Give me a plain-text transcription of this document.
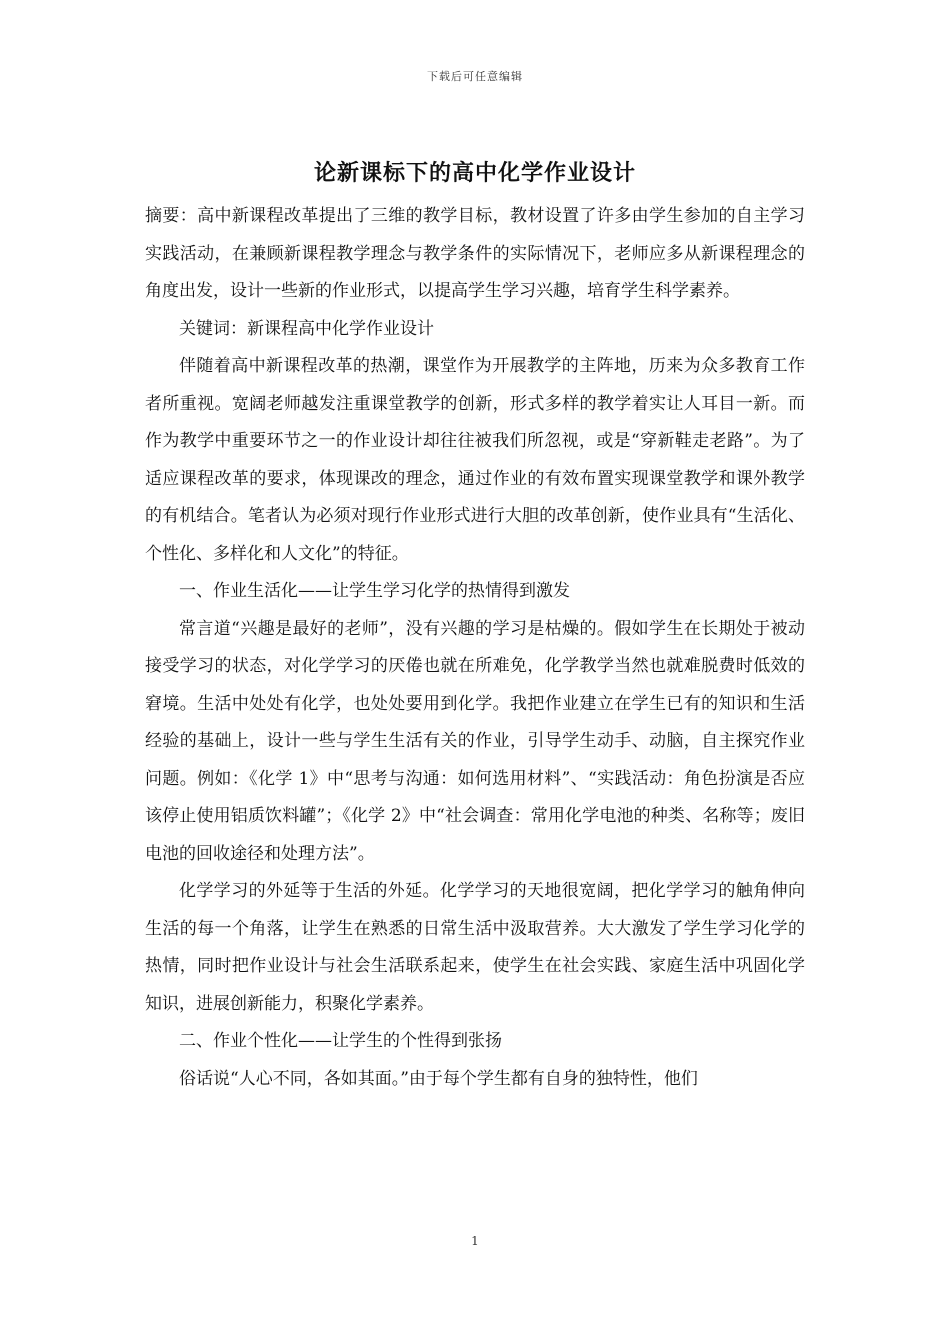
下载后可任意编辑
论新课标下的高中化学作业设计

摘要：高中新课程改革提出了三维的教学目标，教材设置了许多由学生参加的自主学习实践活动，在兼顾新课程教学理念与教学条件的实际情况下，老师应多从新课程理念的角度出发，设计一些新的作业形式，以提高学生学习兴趣，培育学生科学素养。

关键词：新课程高中化学作业设计

伴随着高中新课程改革的热潮，课堂作为开展教学的主阵地，历来为众多教育工作者所重视。宽阔老师越发注重课堂教学的创新，形式多样的教学着实让人耳目一新。而作为教学中重要环节之一的作业设计却往往被我们所忽视，或是“穿新鞋走老路”。为了适应课程改革的要求，体现课改的理念，通过作业的有效布置实现课堂教学和课外教学的有机结合。笔者认为必须对现行作业形式进行大胆的改革创新，使作业具有“生活化、个性化、多样化和人文化”的特征。

一、作业生活化——让学生学习化学的热情得到激发

常言道“兴趣是最好的老师”，没有兴趣的学习是枯燥的。假如学生在长期处于被动接受学习的状态，对化学学习的厌倦也就在所难免，化学教学当然也就难脱费时低效的窘境。生活中处处有化学，也处处要用到化学。我把作业建立在学生已有的知识和生活经验的基础上，设计一些与学生生活有关的作业，引导学生动手、动脑，自主探究作业问题。例如：《化学 1》中“思考与沟通：如何选用材料”、“实践活动：角色扮演是否应该停止使用铝质饮料罐”；《化学 2》中“社会调查：常用化学电池的种类、名称等；废旧电池的回收途径和处理方法”。

化学学习的外延等于生活的外延。化学学习的天地很宽阔，把化学学习的触角伸向生活的每一个角落，让学生在熟悉的日常生活中汲取营养。大大激发了学生学习化学的热情，同时把作业设计与社会生活联系起来，使学生在社会实践、家庭生活中巩固化学知识，进展创新能力，积聚化学素养。

二、作业个性化——让学生的个性得到张扬

俗话说“人心不同，各如其面。”由于每个学生都有自身的独特性，他们

1
